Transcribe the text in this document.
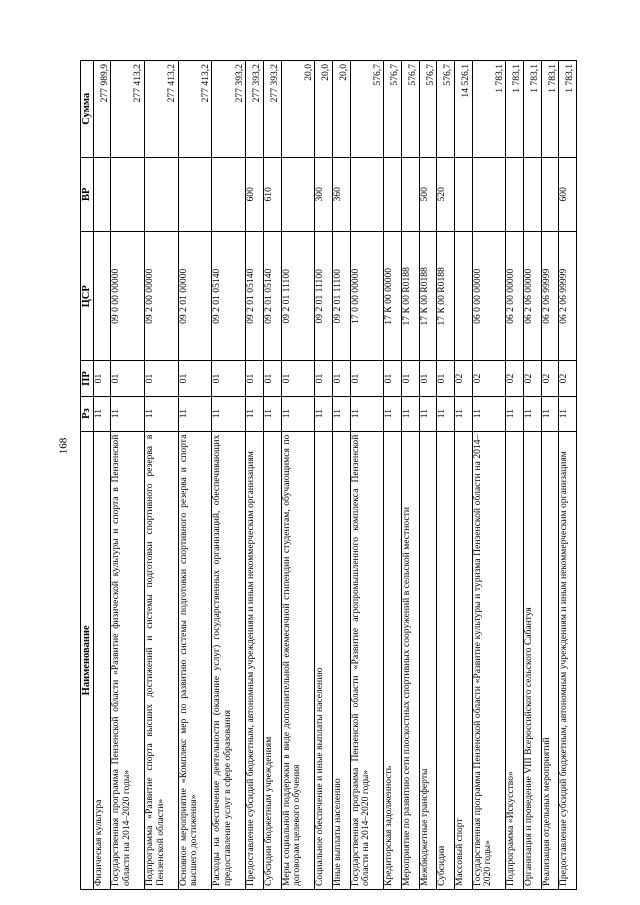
168
Наименование	Рз	ПР	ЦСР	ВР	Сумма
Физическая культура	11	01			277 989,9
Государственная программа Пензенской области «Развитие физической культуры и спорта в Пензенской области на 2014–2020 годы»	11	01	09 0 00 00000		277 413,2
Подпрограмма «Развитие спорта высших достижений и системы подготовки спортивного резерва в Пензенской области»	11	01	09 2 00 00000		277 413,2
Основное мероприятие «Комплекс мер по развитию системы подготовки спортивного резерва и спорта высшего достижения»	11	01	09 2 01 00000		277 413,2
Расходы на обеспечение деятельности (оказание услуг) государственных организаций, обеспечивающих предоставление услуг в сфере образования	11	01	09 2 01 05140		277 393,2
Предоставление субсидий бюджетным, автономным учреждениям и иным некоммерческим организациям	11	01	09 2 01 05140	600	277 393,2
Субсидии бюджетным учреждениям	11	01	09 2 01 05140	610	277 393,2
Меры социальной поддержки в виде дополнительной ежемесячной стипендии студентам, обучающимся по договорам целевого обучения	11	01	09 2 01 11100		20,0
Социальное обеспечение и иные выплаты населению	11	01	09 2 01 11100	300	20,0
Иные выплаты населению	11	01	09 2 01 11100	360	20,0
Государственная программа Пензенской области «Развитие агропромышленного комплекса Пензенской области на 2014–2020 годы»	11	01	17 0 00 00000		576,7
Кредиторская задолженность	11	01	17 К 00 00000		576,7
Мероприятие по развитию сети плоскостных спортивных сооружений в сельской местности	11	01	17 К 00 R0188		576,7
Межбюджетные трансферты	11	01	17 К 00 R0188	500	576,7
Субсидии	11	01	17 К 00 R0188	520	576,7
Массовый спорт	11	02			14 526,1
Государственная программа Пензенской области «Развитие культуры и туризма Пензенской области на 2014–2020 годы»	11	02	06 0 00 00000		1 783,1
Подпрограмма «Искусство»	11	02	06 2 00 00000		1 783,1
Организация и проведение VIII Всероссийского сельского Сабантуя	11	02	06 2 06 00000		1 783,1
Реализация отдельных мероприятий	11	02	06 2 06 99999		1 783,1
Предоставление субсидий бюджетным, автономным учреждениям и иным некоммерческим организациям	11	02	06 2 06 99999	600	1 783,1
